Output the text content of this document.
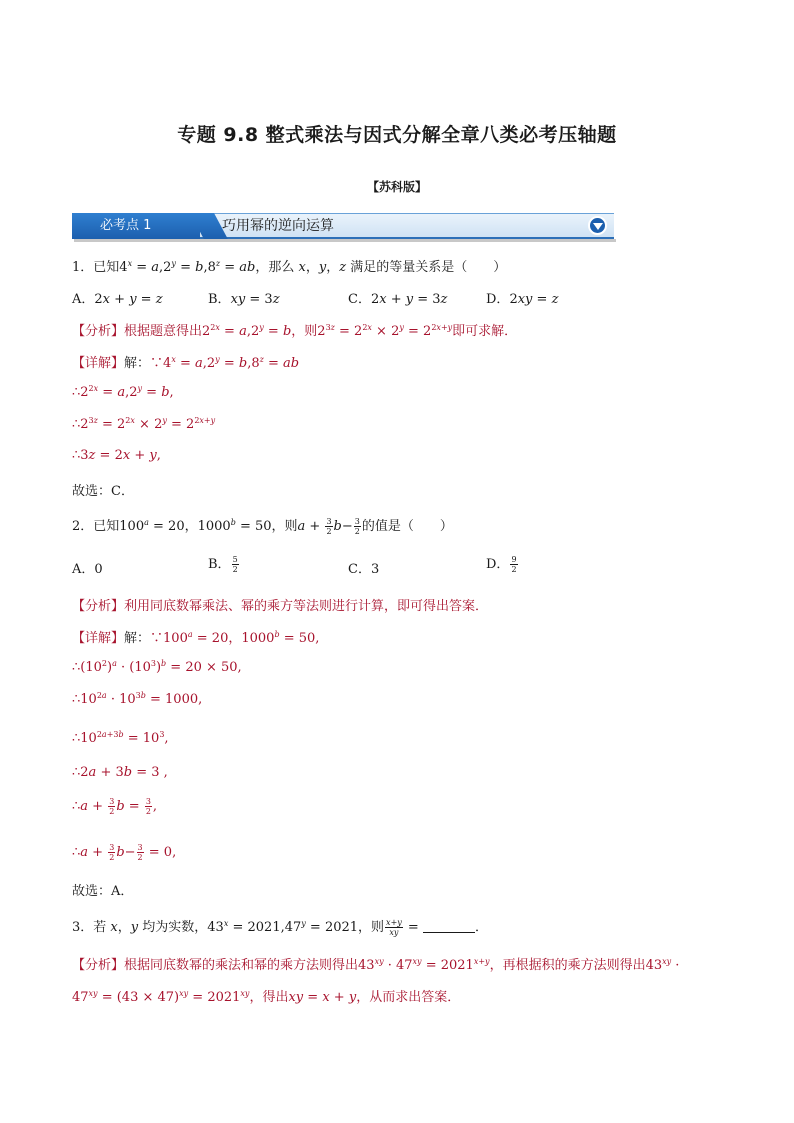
专题 9.8 整式乘法与因式分解全章八类必考压轴题
【苏科版】
必考点 1	巧用幂的逆向运算
1．已知$4^x = a,2^y = b,8^z$ = ab，那么 x，y，z 满足的等量关系是（　　）
A．2x + y = z	B．xy = 3z	C．2x + y = 3z	D．2xy = z
【分析】根据题意得出$2^{2x} = a,2^y = b$，则$2^{3z} = 2^{2x} \times 2^y = 2^{2x+y}$即可求解．
【详解】解：$\because 4^x = a,2^y = b,8^z$ = ab
$\therefore 2^{2x} = a,2^y = b$,
$\therefore 2^{3z} = 2^{2x} \times 2^y = 2^{2x+y}$
∴3z = 2x + y,
故选：C．
2．已知$100^a = 20$，$1000^b = 50$，则$a + \frac{3}{2} b- \frac{3}{2}$ 的值是（　　）
A．0	B． $\frac{5}{2}$	C．3	D． $\frac{9}{2}$
【分析】利用同底数幂乘法、幂的乘方等法则进行计算，即可得出答案．
【详解】解：$\because 100^a = 20$，$1000^b = 50$,
$\therefore(10^2)^a \cdot (10^3)^b = 20 \times 50$,
$\therefore 10^{2a} \cdot 10^{3b} = 1000$,
$\therefore 10^{2a+3b} = 10^3$,
∴2a + 3b = 3 ,
∴a + $\frac{3}{2}$ $b = \frac{3}{2}$ ,
∴a + $\frac{3}{2} b- \frac{3}{2} = 0$,
故选：A．
3．若 x，y 均为实数，$43^x = 2021,47^y = 2021$，则 $\frac{x+y}{xy}$ =	．
【分析】根据同底数幂的乘法和幂的乘方法则得出$43^{xy} \cdot 47^{xy} = 2021^{x+y}$，再根据积的乘方法则得出$43^{xy}$ ·
$47^{xy} = (43 \times 47)^{xy} = 2021^{xy}$，得出xy = x + y，从而求出答案．
